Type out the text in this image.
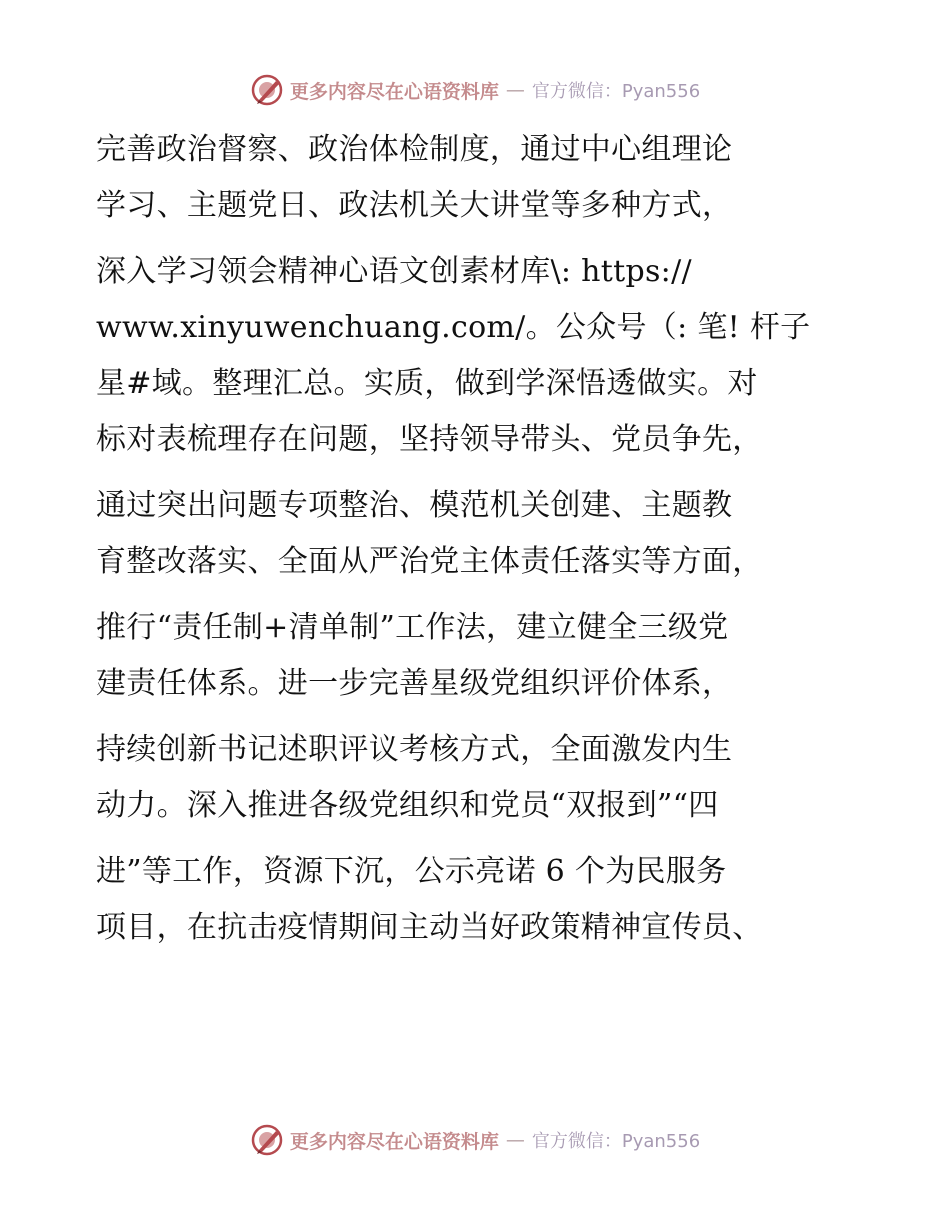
更多内容尽在心语资料库 — 官方微信：Pyan556
完善政治督察、政治体检制度，通过中心组理论
学习、主题党日、政法机关大讲堂等多种方式，
深入学习领会精神心语文创素材库\: https://
www.xinyuwenchuang.com/。公众号（: 笔! 杆子
星#域。整理汇总。实质，做到学深悟透做实。对
标对表梳理存在问题，坚持领导带头、党员争先，
通过突出问题专项整治、模范机关创建、主题教
育整改落实、全面从严治党主体责任落实等方面，
推行“责任制+清单制”工作法，建立健全三级党
建责任体系。进一步完善星级党组织评价体系，
持续创新书记述职评议考核方式，全面激发内生
动力。深入推进各级党组织和党员“双报到”“四
进”等工作，资源下沉，公示亮诺 6 个为民服务
项目，在抗击疫情期间主动当好政策精神宣传员、
更多内容尽在心语资料库 — 官方微信：Pyan556
